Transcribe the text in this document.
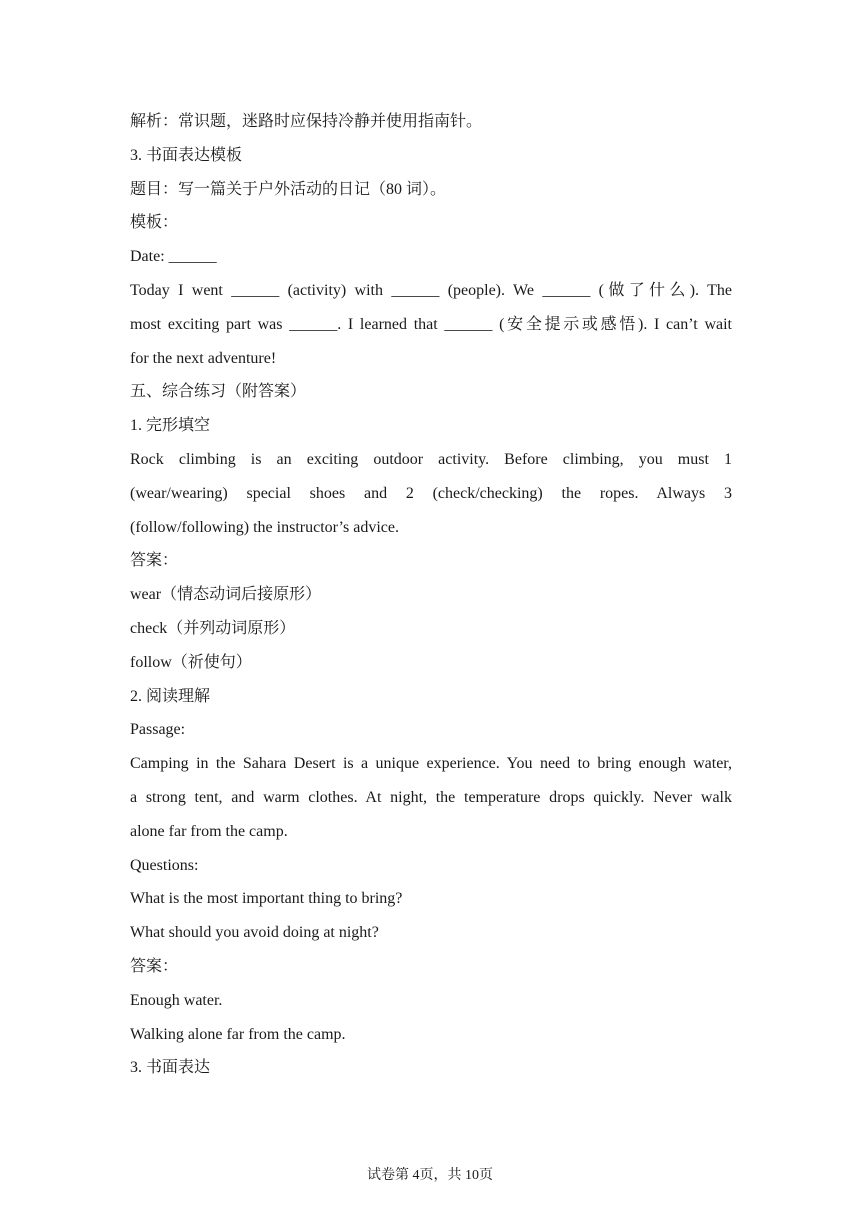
解析：常识题，迷路时应保持冷静并使用指南针。
3. 书面表达模板
题目：写一篇关于户外活动的日记（80 词）。
模板：
Date: ______
Today I went ______ (activity) with ______ (people). We ______ (做了什么). The
most exciting part was ______. I learned that ______ (安全提示或感悟). I can’t wait
for the next adventure!
五、综合练习（附答案）
1. 完形填空
Rock climbing is an exciting outdoor activity. Before climbing, you must 1
(wear/wearing) special shoes and 2 (check/checking) the ropes. Always 3
(follow/following) the instructor’s advice.
答案：
wear（情态动词后接原形）
check（并列动词原形）
follow（祈使句）
2. 阅读理解
Passage:
Camping in the Sahara Desert is a unique experience. You need to bring enough water,
a strong tent, and warm clothes. At night, the temperature drops quickly. Never walk
alone far from the camp.
Questions:
What is the most important thing to bring?
What should you avoid doing at night?
答案：
Enough water.
Walking alone far from the camp.
3. 书面表达
试卷第 4页，共 10页
